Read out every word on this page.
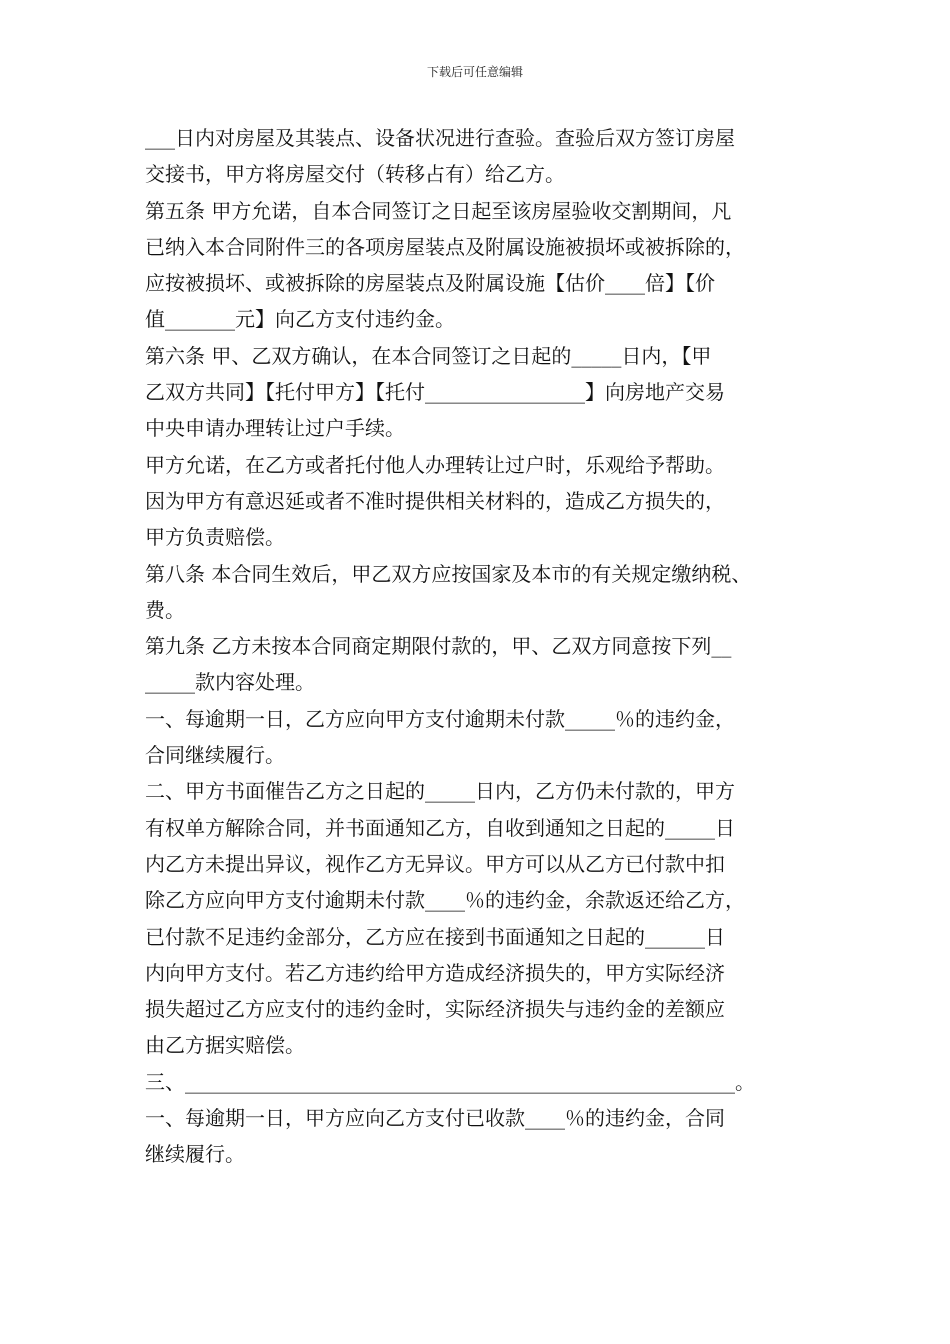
下载后可任意编辑
___日内对房屋及其装点、设备状况进行查验。查验后双方签订房屋
交接书，甲方将房屋交付（转移占有）给乙方。
第五条 甲方允诺，自本合同签订之日起至该房屋验收交割期间，凡
已纳入本合同附件三的各项房屋装点及附属设施被损坏或被拆除的，
应按被损坏、或被拆除的房屋装点及附属设施【估价____倍】【价
值_______元】向乙方支付违约金。
第六条 甲、乙双方确认，在本合同签订之日起的_____日内，【甲
乙双方共同】【托付甲方】【托付________________】向房地产交易
中央申请办理转让过户手续。
甲方允诺，在乙方或者托付他人办理转让过户时，乐观给予帮助。
因为甲方有意迟延或者不准时提供相关材料的，造成乙方损失的，
甲方负责赔偿。
第八条 本合同生效后，甲乙双方应按国家及本市的有关规定缴纳税、
费。
第九条 乙方未按本合同商定期限付款的，甲、乙双方同意按下列__
_____款内容处理。
一、每逾期一日，乙方应向甲方支付逾期未付款_____％的违约金，
合同继续履行。
二、甲方书面催告乙方之日起的_____日内，乙方仍未付款的，甲方
有权单方解除合同，并书面通知乙方，自收到通知之日起的_____日
内乙方未提出异议，视作乙方无异议。甲方可以从乙方已付款中扣
除乙方应向甲方支付逾期未付款____％的违约金，余款返还给乙方，
已付款不足违约金部分，乙方应在接到书面通知之日起的______日
内向甲方支付。若乙方违约给甲方造成经济损失的，甲方实际经济
损失超过乙方应支付的违约金时，实际经济损失与违约金的差额应
由乙方据实赔偿。
三、_______________________________________________________。
一、每逾期一日，甲方应向乙方支付已收款____％的违约金，合同
继续履行。
